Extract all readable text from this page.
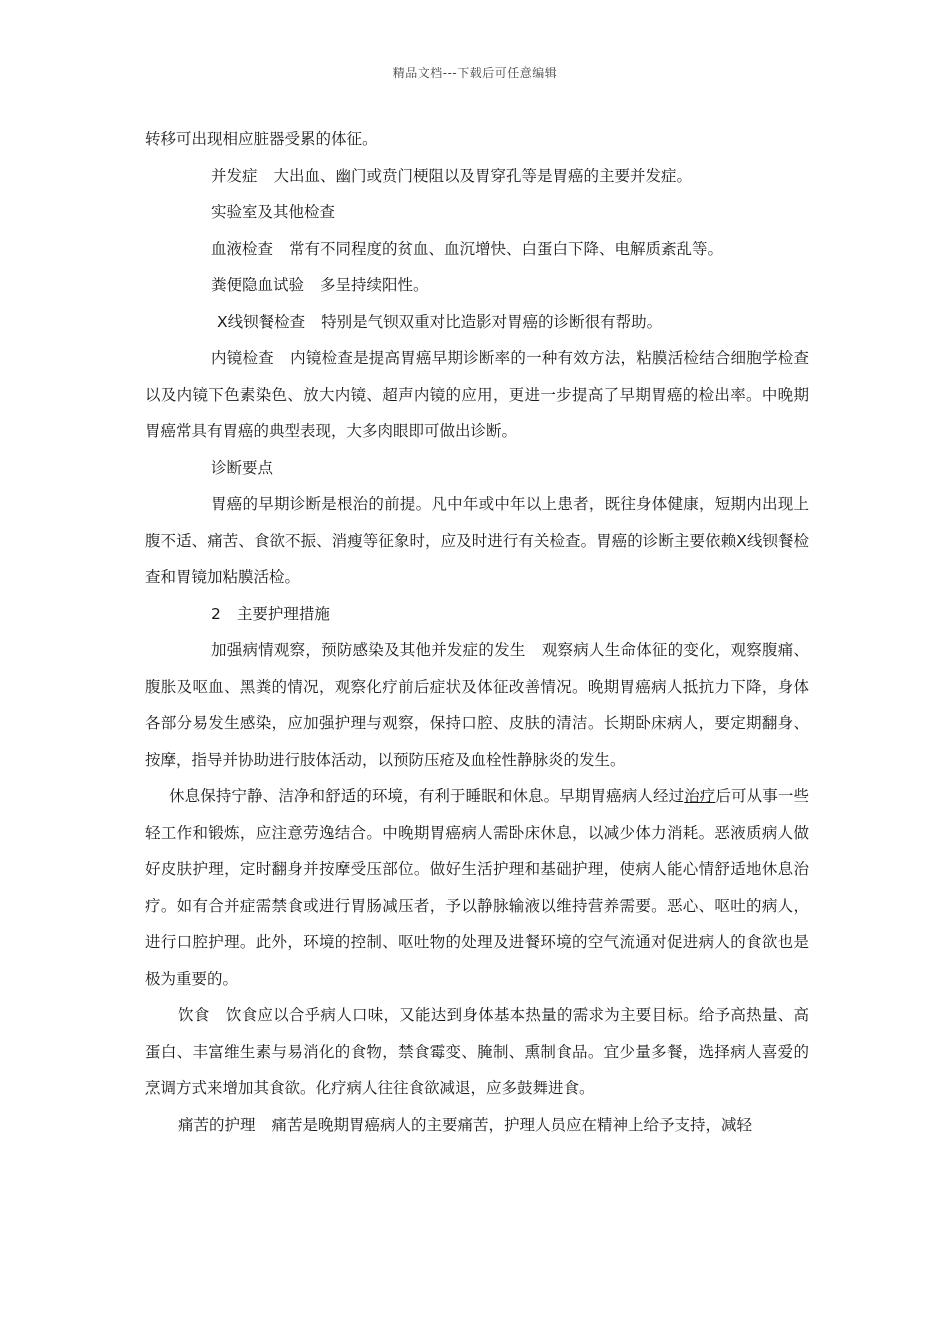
精品文档---下载后可任意编辑

转移可出现相应脏器受累的体征。

并发症 大出血、幽门或贲门梗阻以及胃穿孔等是胃癌的主要并发症。

实验室及其他检查

血液检查 常有不同程度的贫血、血沉增快、白蛋白下降、电解质紊乱等。

粪便隐血试验 多呈持续阳性。

X线钡餐检查 特别是气钡双重对比造影对胃癌的诊断很有帮助。

内镜检查 内镜检查是提高胃癌早期诊断率的一种有效方法，粘膜活检结合细胞学检查以及内镜下色素染色、放大内镜、超声内镜的应用，更进一步提高了早期胃癌的检出率。中晚期胃癌常具有胃癌的典型表现，大多肉眼即可做出诊断。

诊断要点

胃癌的早期诊断是根治的前提。凡中年或中年以上患者，既往身体健康，短期内出现上腹不适、痛苦、食欲不振、消瘦等征象时，应及时进行有关检查。胃癌的诊断主要依赖X线钡餐检查和胃镜加粘膜活检。

2 主要护理措施

加强病情观察，预防感染及其他并发症的发生 观察病人生命体征的变化，观察腹痛、腹胀及呕血、黑粪的情况，观察化疗前后症状及体征改善情况。晚期胃癌病人抵抗力下降，身体各部分易发生感染，应加强护理与观察，保持口腔、皮肤的清洁。长期卧床病人，要定期翻身、按摩，指导并协助进行肢体活动，以预防压疮及血栓性静脉炎的发生。

休息保持宁静、洁净和舒适的环境，有利于睡眠和休息。早期胃癌病人经过治疗后可从事一些轻工作和锻炼，应注意劳逸结合。中晚期胃癌病人需卧床休息，以减少体力消耗。恶液质病人做好皮肤护理，定时翻身并按摩受压部位。做好生活护理和基础护理，使病人能心情舒适地休息治疗。如有合并症需禁食或进行胃肠减压者，予以静脉输液以维持营养需要。恶心、呕吐的病人，进行口腔护理。此外，环境的控制、呕吐物的处理及进餐环境的空气流通对促进病人的食欲也是极为重要的。

饮食 饮食应以合乎病人口味，又能达到身体基本热量的需求为主要目标。给予高热量、高蛋白、丰富维生素与易消化的食物，禁食霉变、腌制、熏制食品。宜少量多餐，选择病人喜爱的烹调方式来增加其食欲。化疗病人往往食欲减退，应多鼓舞进食。

痛苦的护理 痛苦是晚期胃癌病人的主要痛苦，护理人员应在精神上给予支持，减轻
